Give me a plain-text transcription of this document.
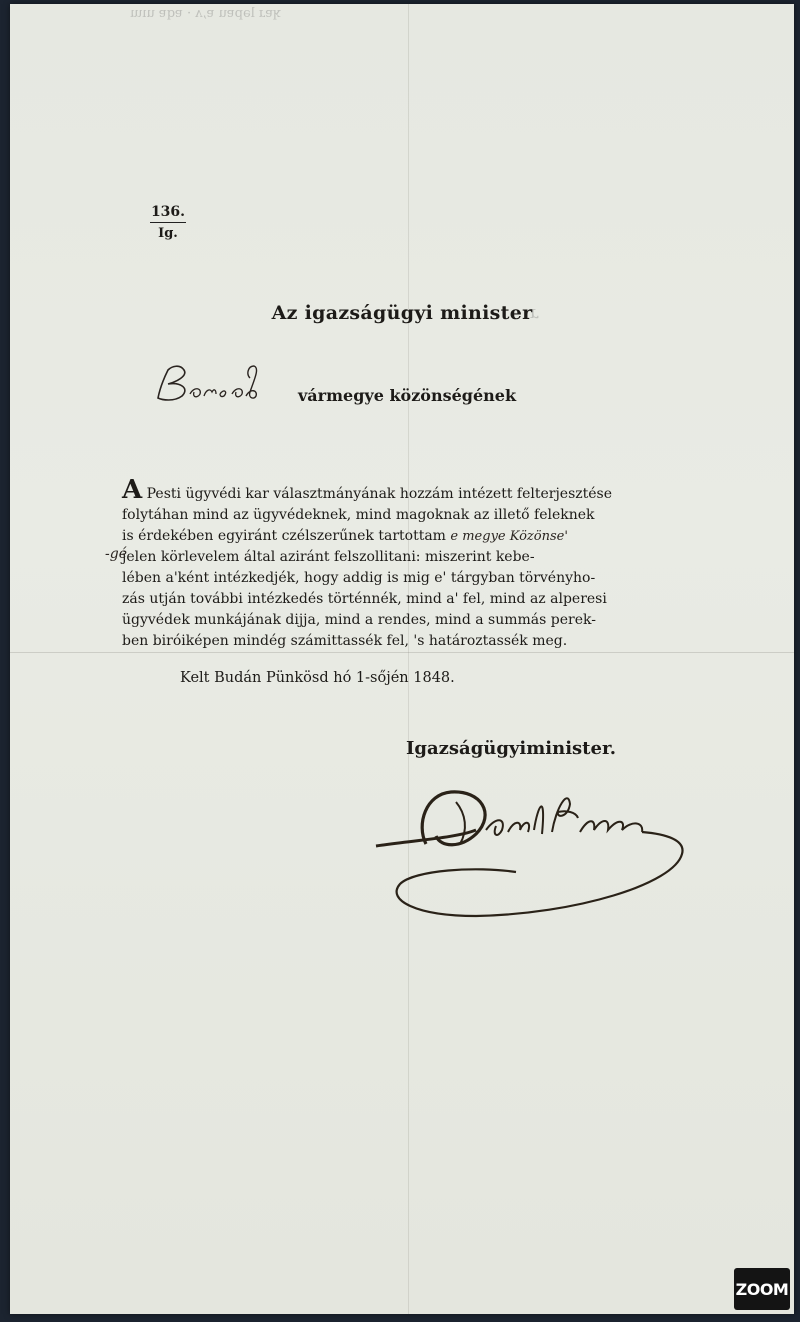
ʞɐɹ lǝpɐu ɐ,ʌ · ɐqɐ uıɯ
ɹ
136.
Ig.
Az igazságügyi minister
vármegye közönségének
A Pesti ügyvédi kar választmányának hozzám intézett felterjesztése
folytáhan mind az ügyvédeknek, mind magoknak az illető feleknek
is érdekében egyiránt czélszerűnek tartottam e megye Közönse'
jelen körlevelem által aziránt felszollitani: miszerint kebe-
lében a'ként intézkedjék, hogy addig is mig e' tárgyban törvényho-
zás utján további intézkedés történnék, mind a' fel, mind az alperesi
ügyvédek munkájának dijja, mind a rendes, mind a summás perek-
ben biróiképen mindég számittassék fel, 's határoztassék meg.
-gé
Kelt Budán Pünkösd hó 1-sőjén 1848.
Igazságügyiminister.
ZOOM
